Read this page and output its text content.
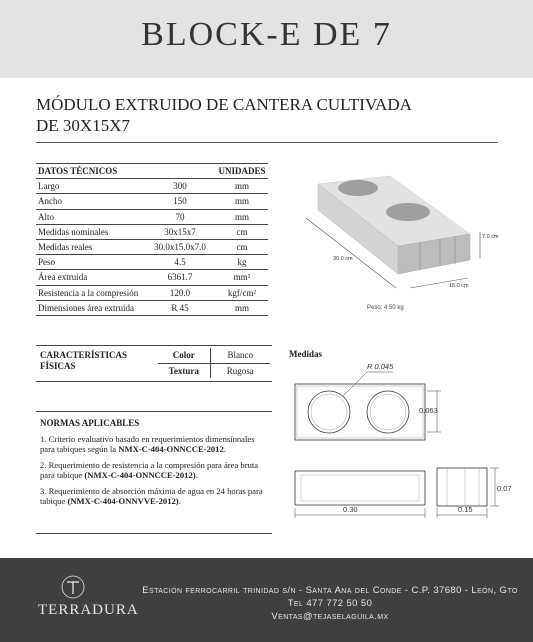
BLOCK-E DE 7
MÓDULO EXTRUIDO DE CANTERA CULTIVADA
DE 30X15X7
DATOS TÉCNICOS		UNIDADES
Largo	300	mm
Ancho	150	mm
Alto	70	mm
Medidas nominales	30x15x7	cm
Medidas reales	30.0x15.0x7.0	cm
Peso	4.5	kg
Área extruida	6361.7	mm²
Resistencia a la compresión	120.0	kgf/cm²
Dimensiones área extruida	R 45	mm
7.0 cm
30.0 cm
15.0 cm
Peso: 4.50 kg
CARACTERÍSTICAS FÍSICAS
Color	Blanco
Textura	Rugosa
Medidas
R 0.045
0.063
0.07
0.30	0.15
NORMAS APLICABLES

1. Criterio evaluativo basado en requerimientos dimensionales para tabiques según la NMX-C-404-ONNCCE-2012.

2. Requerimiento de resistencia a la compresión para área bruta para tabique (NMX-C-404-ONNCCE-2012).

3. Requerimiento de absorción máxima de agua en 24 horas para tabique (NMX-C-404-ONNVVE-2012).

TERRADURA
Estación ferrocarril trinidad s/n - Santa Ana del Conde - C.P. 37680 - León, Gto
Tel 477 772 50 50
Ventas@tejaselaguila.mx
